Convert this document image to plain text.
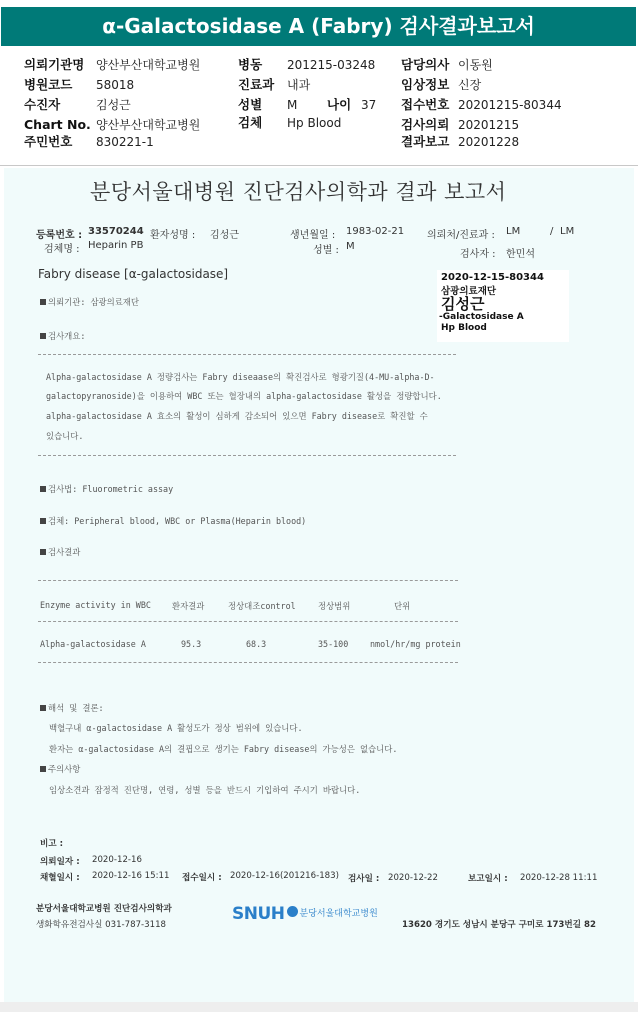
α-Galactosidase A (Fabry) 검사결과보고서
의뢰기관명 양산부산대학교병원	병동 201215-03248 담당의사 이동원
병원코드 58018	진료과 내과	임상정보 신장
수진자	김성근	성별 M 나이 37 접수번호 20201215-80344
Chart No. 양산부산대학교병원	검체 Hp Blood	검사의뢰 20201215
주민번호 830221-1	결과보고 20201228
분당서울대병원 진단검사의학과 결과 보고서
등록번호 : 33570244 환자성명 : 김성근	생년월일 : 1983-02-21 의뢰처/진료과 : LM	/ LM
검체명 : Heparin PB	성별 : M
검사자 : 한민석
Fabry disease [α-galactosidase]	2020-12-15-80344
삼광의료재단
김성근
-Galactosidase A
Hp Blood
의뢰기관: 삼광의료재단
검사개요:
Alpha-galactosidase A 정량검사는 Fabry diseaase의 확진검사로 형광기질(4-MU-alpha-D-
galactopyranoside)을 이용하여 WBC 또는 혈장내의 alpha-galactosidase 활성을 정량합니다.
alpha-galactosidase A 효소의 활성이 심하게 감소되어 있으면 Fabry disease로 확진할 수
있습니다.
검사법: Fluorometric assay
검체: Peripheral blood, WBC or Plasma(Heparin blood)
검사결과
Enzyme activity in WBC	환자결과	정상대조control	정상범위	단위
Alpha-galactosidase A	95.3	68.3	35-100	nmol/hr/mg protein
해석 및 결론:
백혈구내 α-galactosidase A 활성도가 정상 범위에 있습니다.
환자는 α-galactosidase A의 결핍으로 생기는 Fabry disease의 가능성은 없습니다.
주의사항
임상소견과 잠정적 진단명, 연령, 성별 등을 반드시 기입하여 주시기 바랍니다.
비고 :
의뢰일자 : 2020-12-16
채혈일시 : 2020-12-16 15:11 접수일시 : 2020-12-16(201216-183) 검사일 : 2020-12-22	보고일시 : 2020-12-28 11:11
분당서울대학교병원 진단검사의학과
생화학유전검사실 031-787-3118
SNUH 분당서울대학교병원
13620 경기도 성남시 분당구 구미로 173번길 82
